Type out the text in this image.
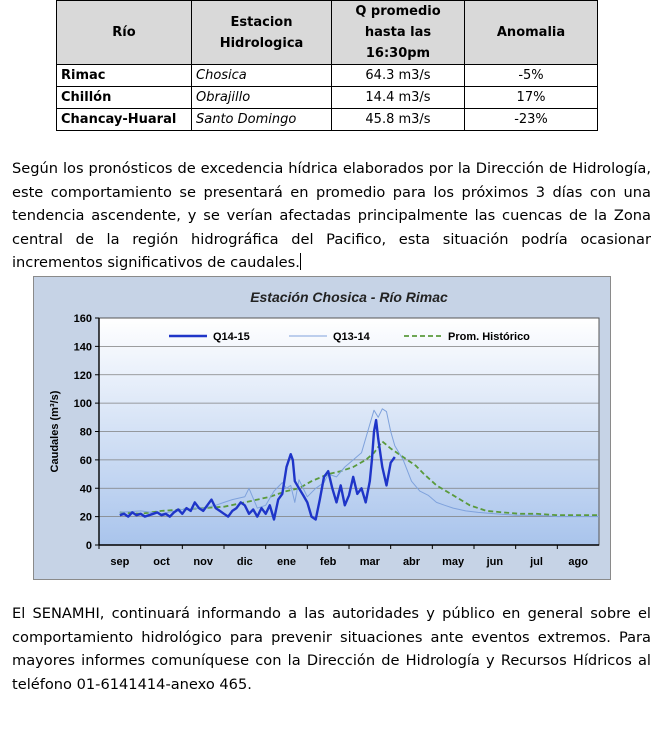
Río	Estacion Hidrologica	Q promedio hasta las 16:30pm	Anomalia
Rimac	Chosica	64.3 m3/s	-5%
Chillón	Obrajillo	14.4 m3/s	17%
Chancay-Huaral	Santo Domingo	45.8 m3/s	-23%
Según los pronósticos de excedencia hídrica elaborados por la Dirección de Hidrología, este comportamiento se presentará en promedio para los próximos 3 días con una tendencia ascendente, y se verían afectadas principalmente las cuencas de la Zona central de la región hidrográfica del Pacifico, esta situación podría ocasionar incrementos significativos de caudales.
Estación Chosica - Río Rimac
0
20
40
60
80
100
120
140
160
sep oct nov dic ene feb mar abr may jun jul ago
Caudales (m³/s)
Q14-15	Q13-14	Prom. Histórico
El SENAMHI, continuará informando a las autoridades y público en general sobre el comportamiento hidrológico para prevenir situaciones ante eventos extremos. Para mayores informes comuníquese con la Dirección de Hidrología y Recursos Hídricos al teléfono 01-6141414-anexo 465.
